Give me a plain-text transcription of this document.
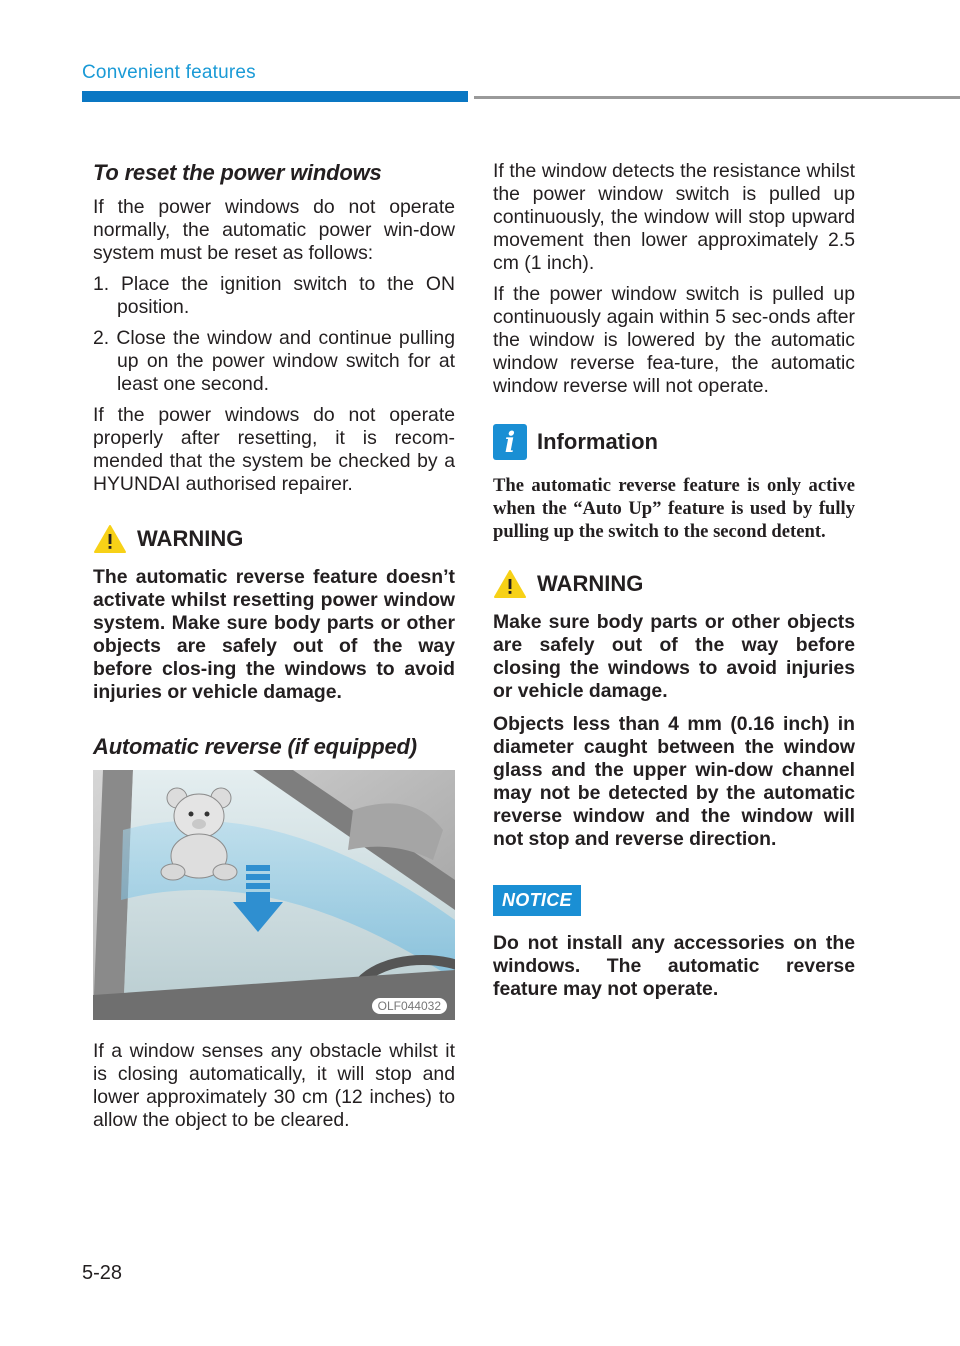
Convenient features
To reset the power windows

If the power windows do not operate normally, the automatic power win-dow system must be reset as follows:

1. Place the ignition switch to the ON position.
2. Close the window and continue pulling up on the power window switch for at least one second.

If the power windows do not operate properly after resetting, it is recom-mended that the system be checked by a HYUNDAI authorised repairer.

WARNING

The automatic reverse feature doesn’t activate whilst resetting power window system. Make sure body parts or other objects are safely out of the way before clos-ing the windows to avoid injuries or vehicle damage.

Automatic reverse (if equipped)
OLF044032

If a window senses any obstacle whilst it is closing automatically, it will stop and lower approximately 30 cm (12 inches) to allow the object to be cleared.

If the window detects the resistance whilst the power window switch is pulled up continuously, the window will stop upward movement then lower approximately 2.5 cm (1 inch).

If the power window switch is pulled up continuously again within 5 sec-onds after the window is lowered by the automatic window reverse fea-ture, the automatic window reverse will not operate.

i Information

The automatic reverse feature is only active when the “Auto Up” feature is used by fully pulling up the switch to the second detent.

WARNING

Make sure body parts or other objects are safely out of the way before closing the windows to avoid injuries or vehicle damage.

Objects less than 4 mm (0.16 inch) in diameter caught between the window glass and the upper win-dow channel may not be detected by the automatic reverse window and the window will not stop and reverse direction.

NOTICE

Do not install any accessories on the windows. The automatic reverse feature may not operate.

5-28
